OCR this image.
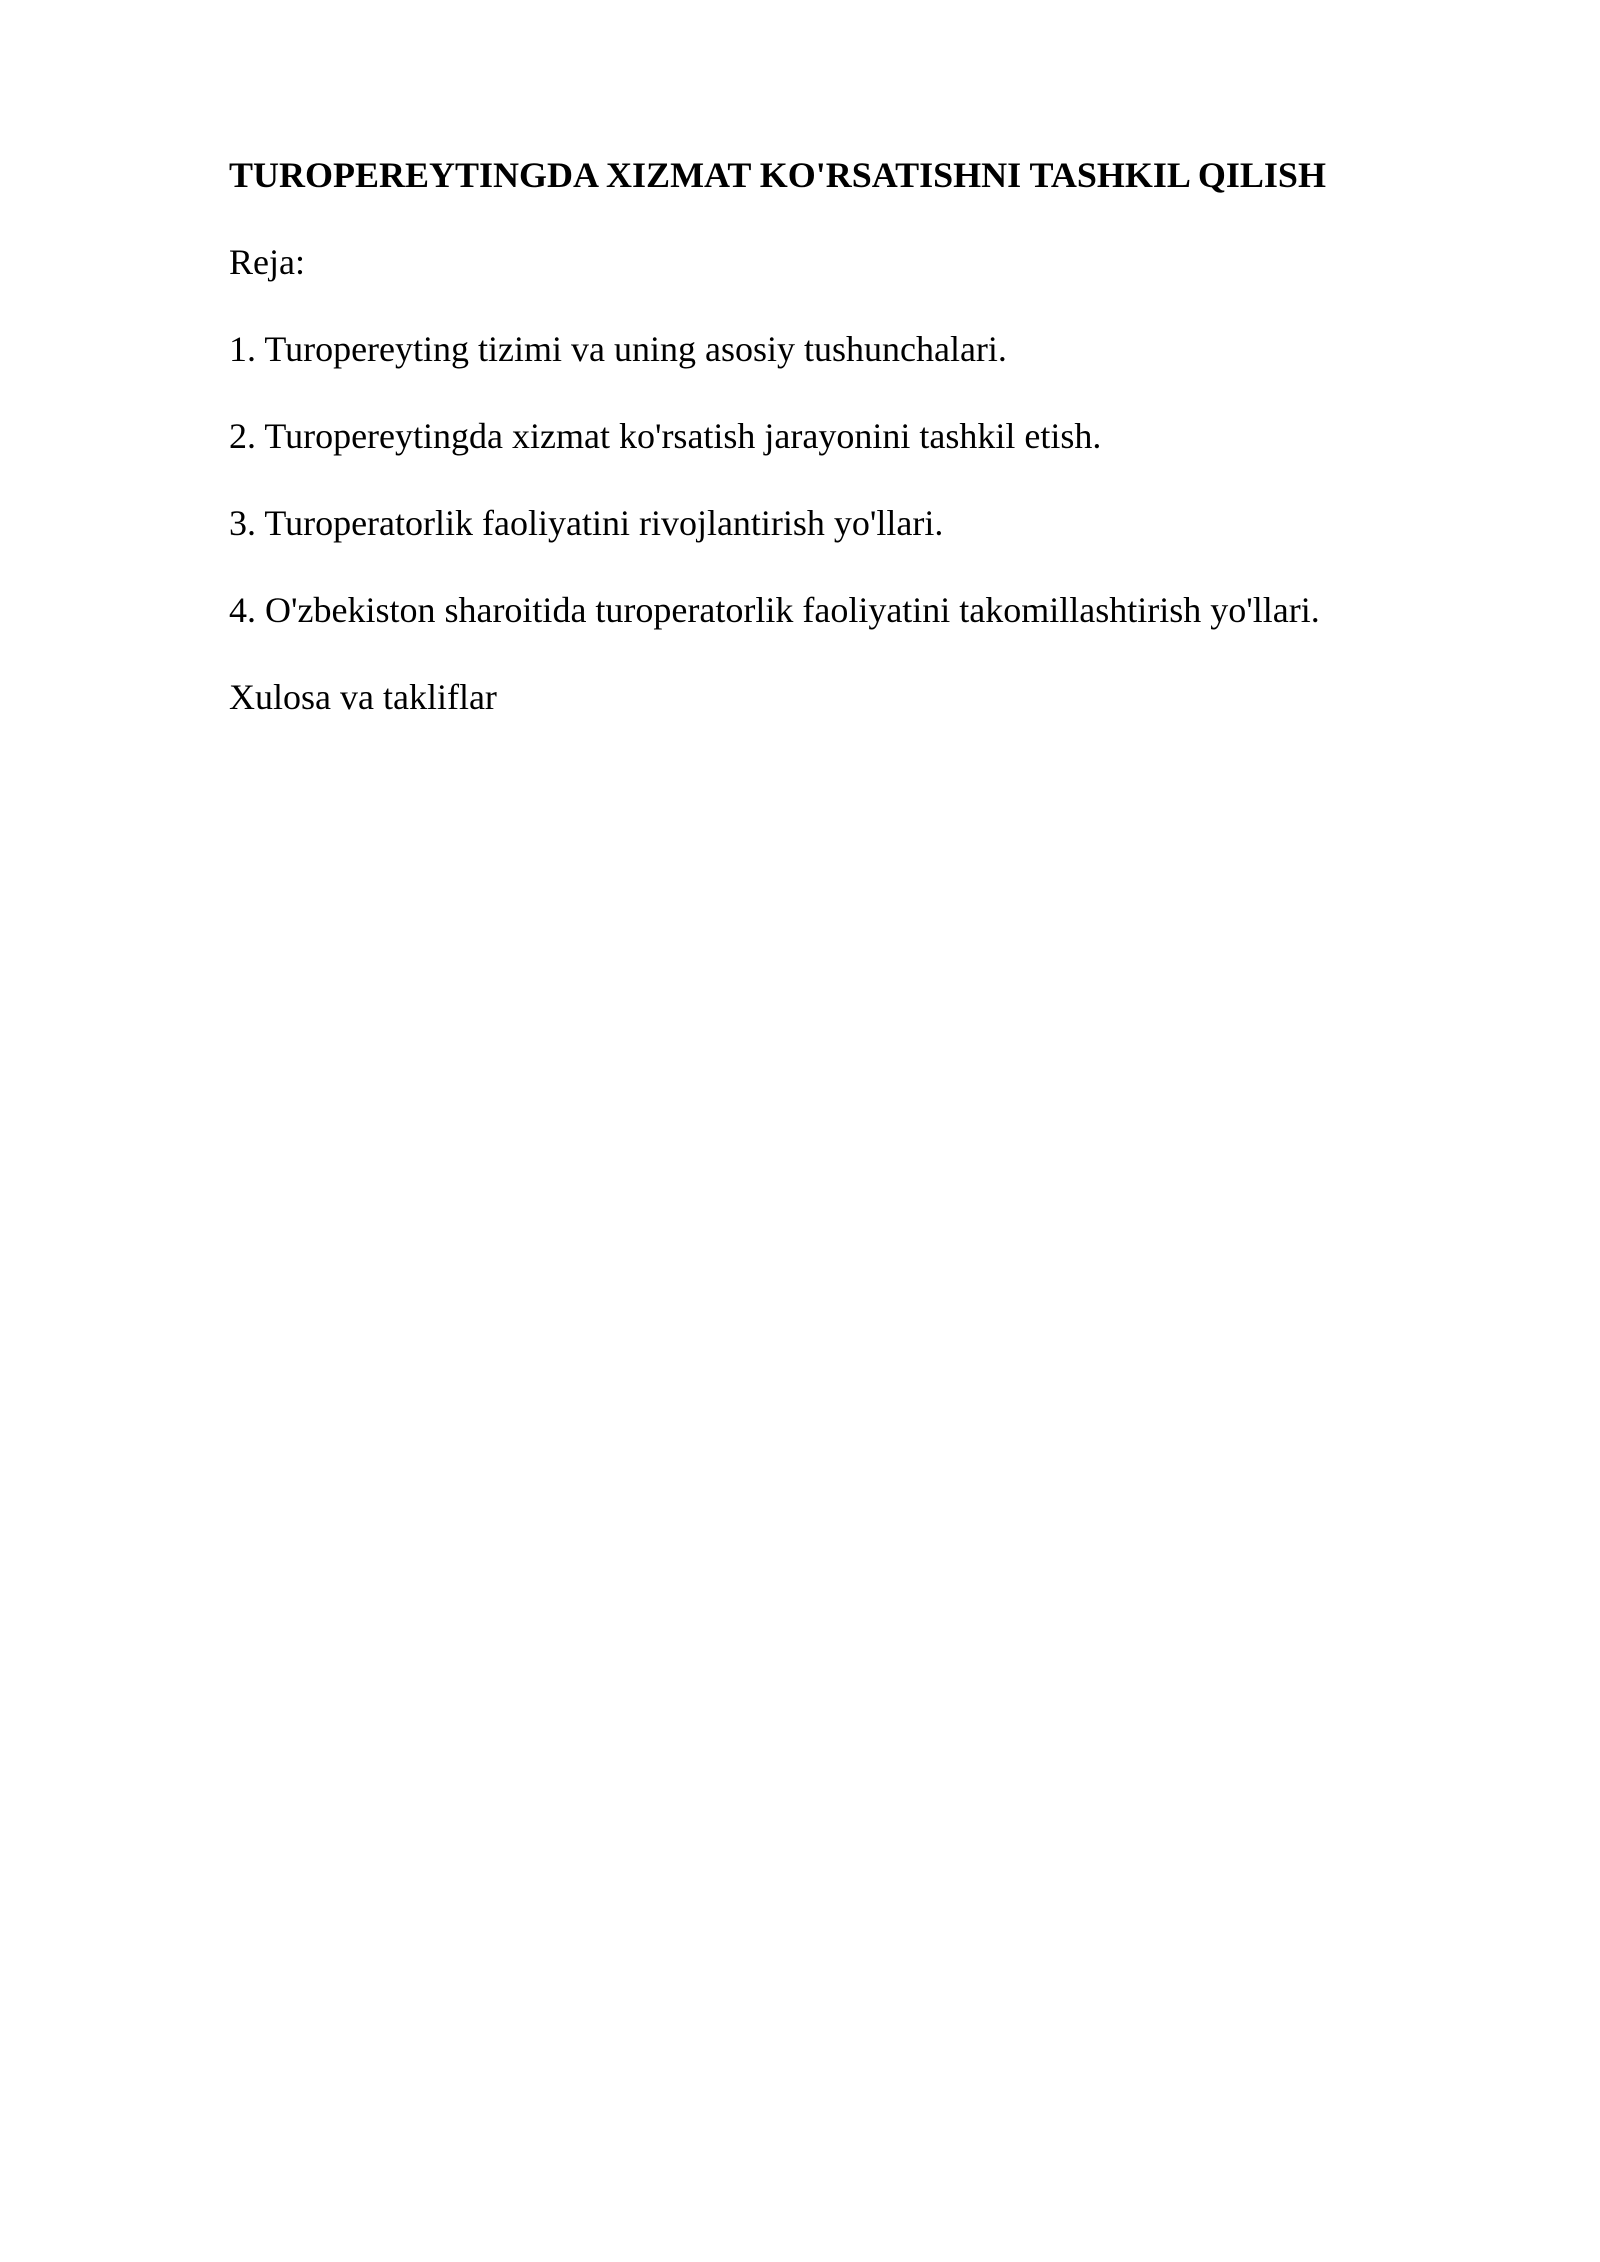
TUROPEREYTINGDA XIZMAT KO'RSATISHNI TASHKIL QILISH
Reja:
1. Turopereyting tizimi va uning asosiy tushunchalari.
2. Turopereytingda xizmat ko'rsatish jarayonini tashkil etish.
3. Turoperatorlik faoliyatini rivojlantirish yo'llari.
4. O'zbekiston sharoitida turoperatorlik faoliyatini takomillashtirish yo'llari.
Xulosa va takliflar
